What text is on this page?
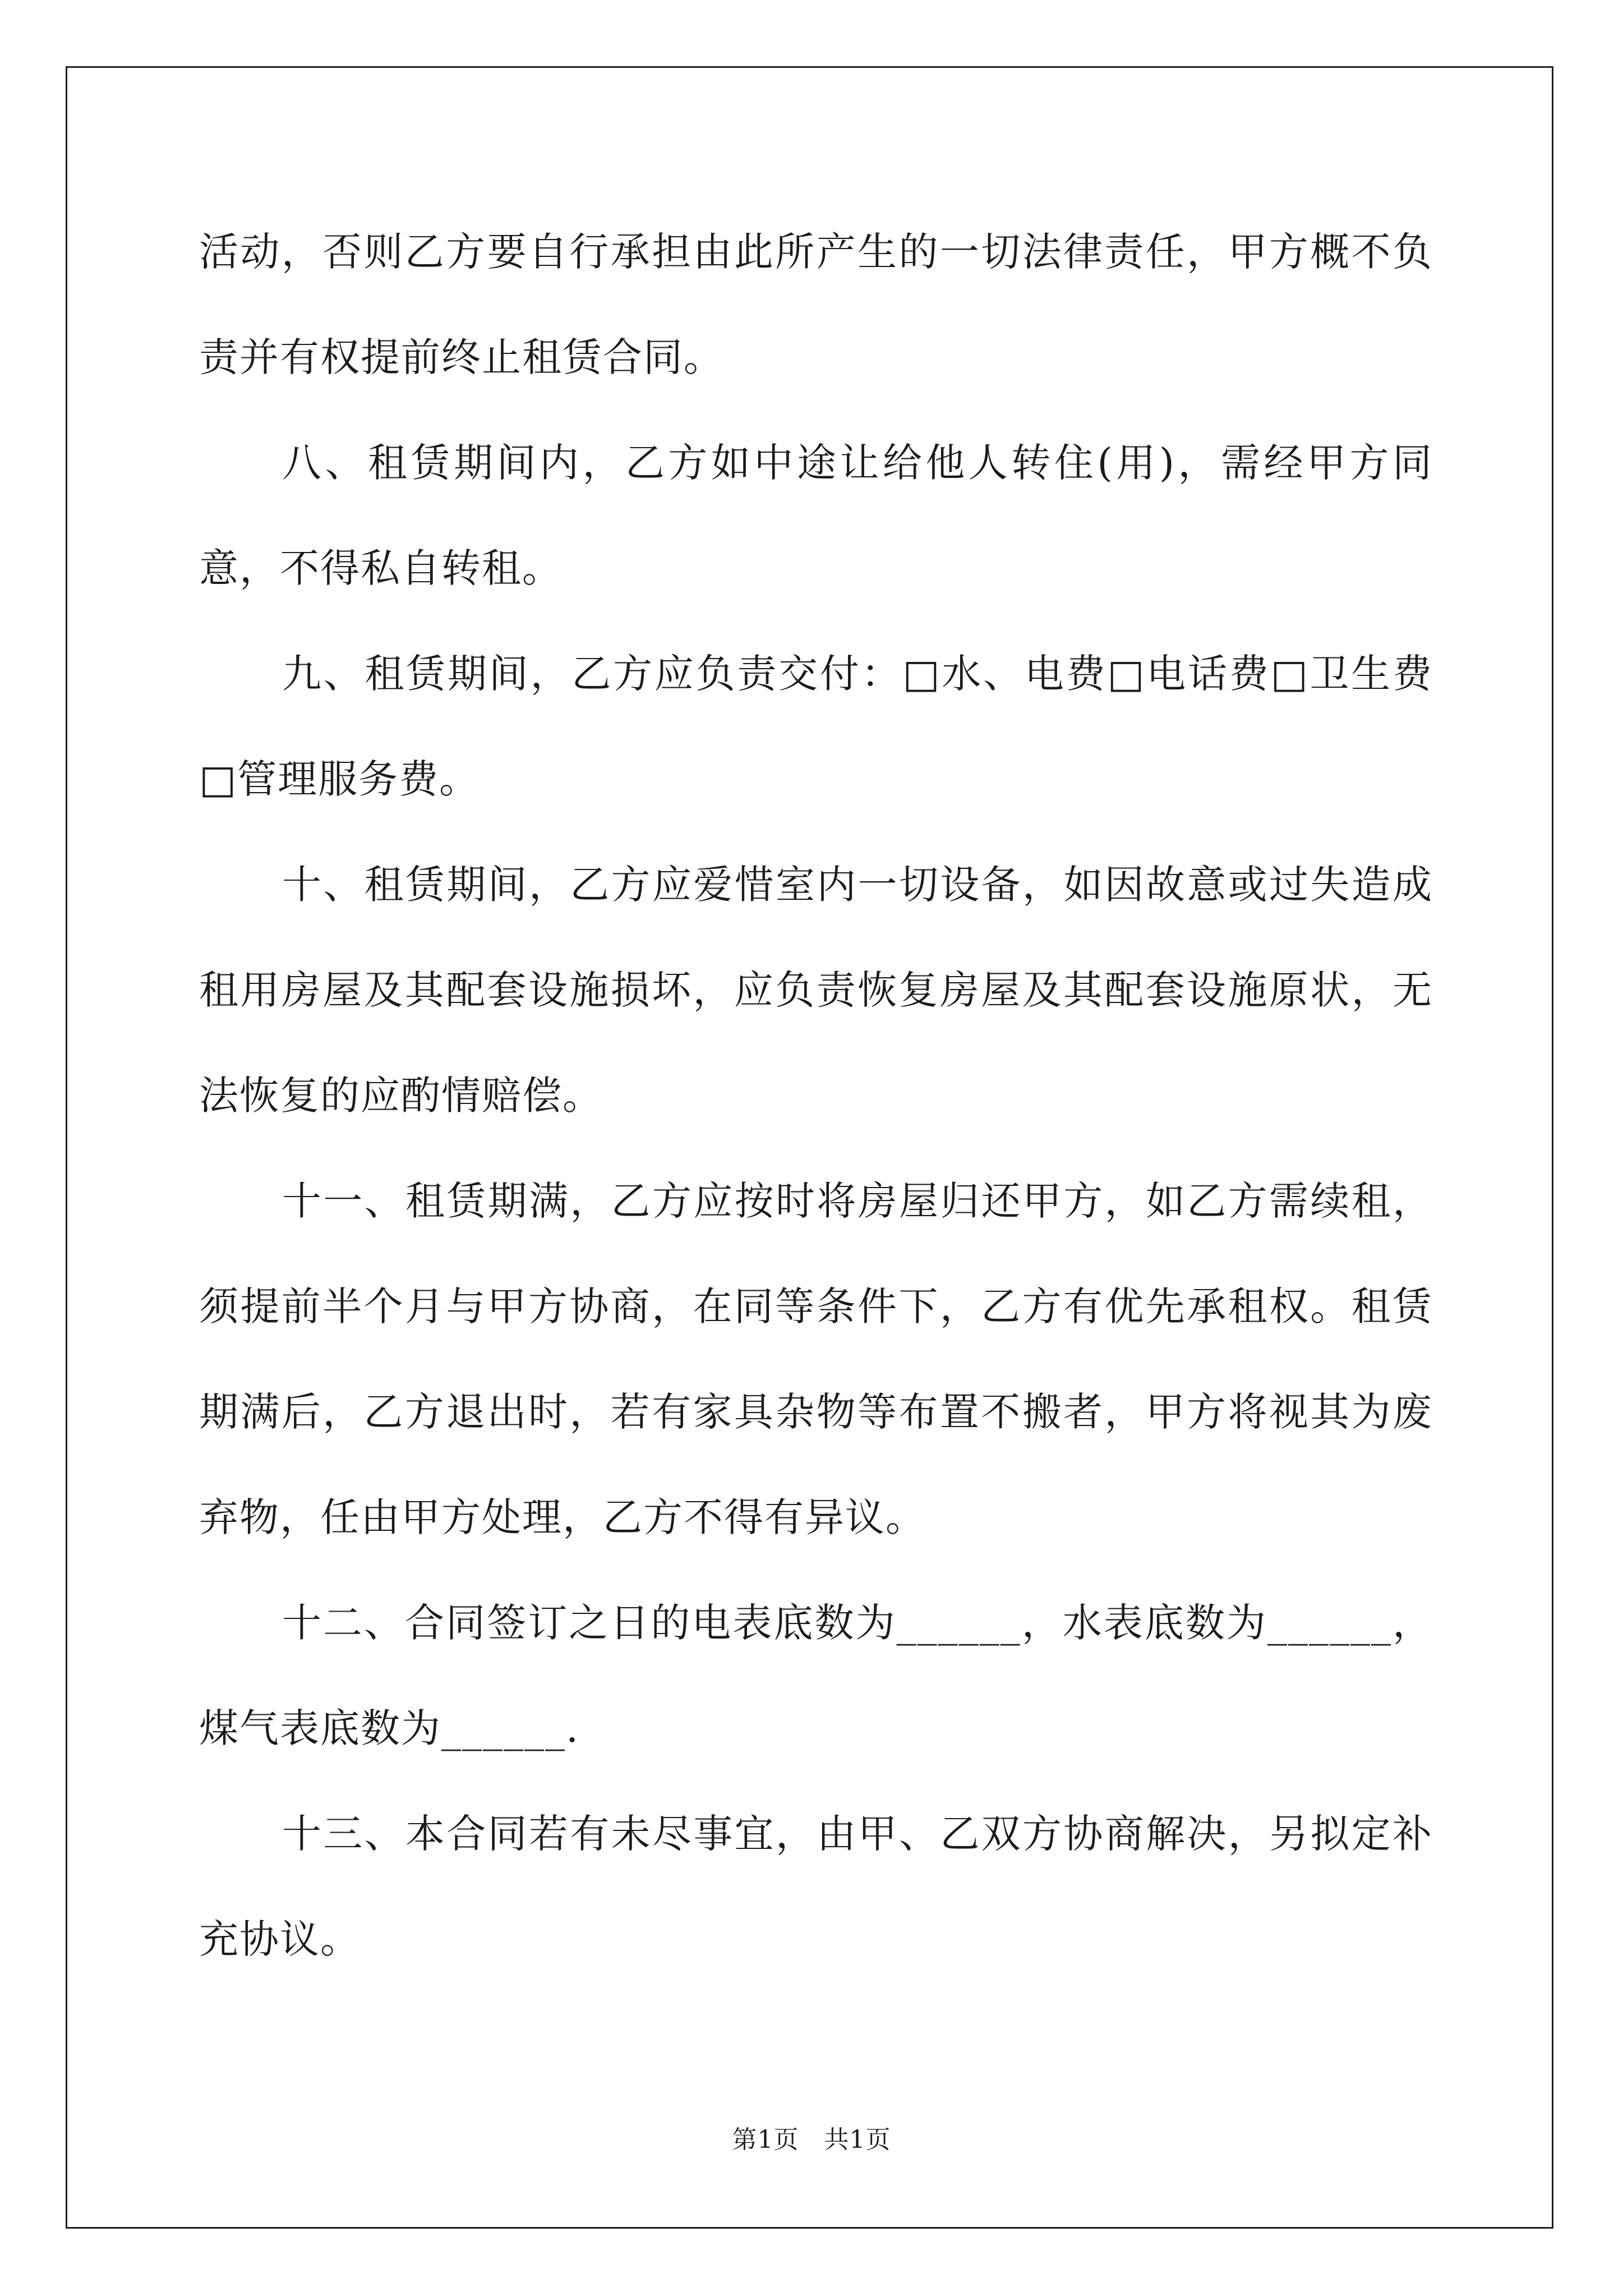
活动，否则乙方要自行承担由此所产生的一切法律责任，甲方概不负责并有权提前终止租赁合同。

八、租赁期间内，乙方如中途让给他人转住(用)，需经甲方同意，不得私自转租。

九、租赁期间，乙方应负责交付：□水、电费□电话费□卫生费□管理服务费。

十、租赁期间，乙方应爱惜室内一切设备，如因故意或过失造成租用房屋及其配套设施损坏，应负责恢复房屋及其配套设施原状，无法恢复的应酌情赔偿。

十一、租赁期满，乙方应按时将房屋归还甲方，如乙方需续租，须提前半个月与甲方协商，在同等条件下，乙方有优先承租权。租赁期满后，乙方退出时，若有家具杂物等布置不搬者，甲方将视其为废弃物，任由甲方处理，乙方不得有异议。

十二、合同签订之日的电表底数为______，水表底数为______，煤气表底数为______.

十三、本合同若有未尽事宜，由甲、乙双方协商解决，另拟定补充协议。

第1页　共1页
